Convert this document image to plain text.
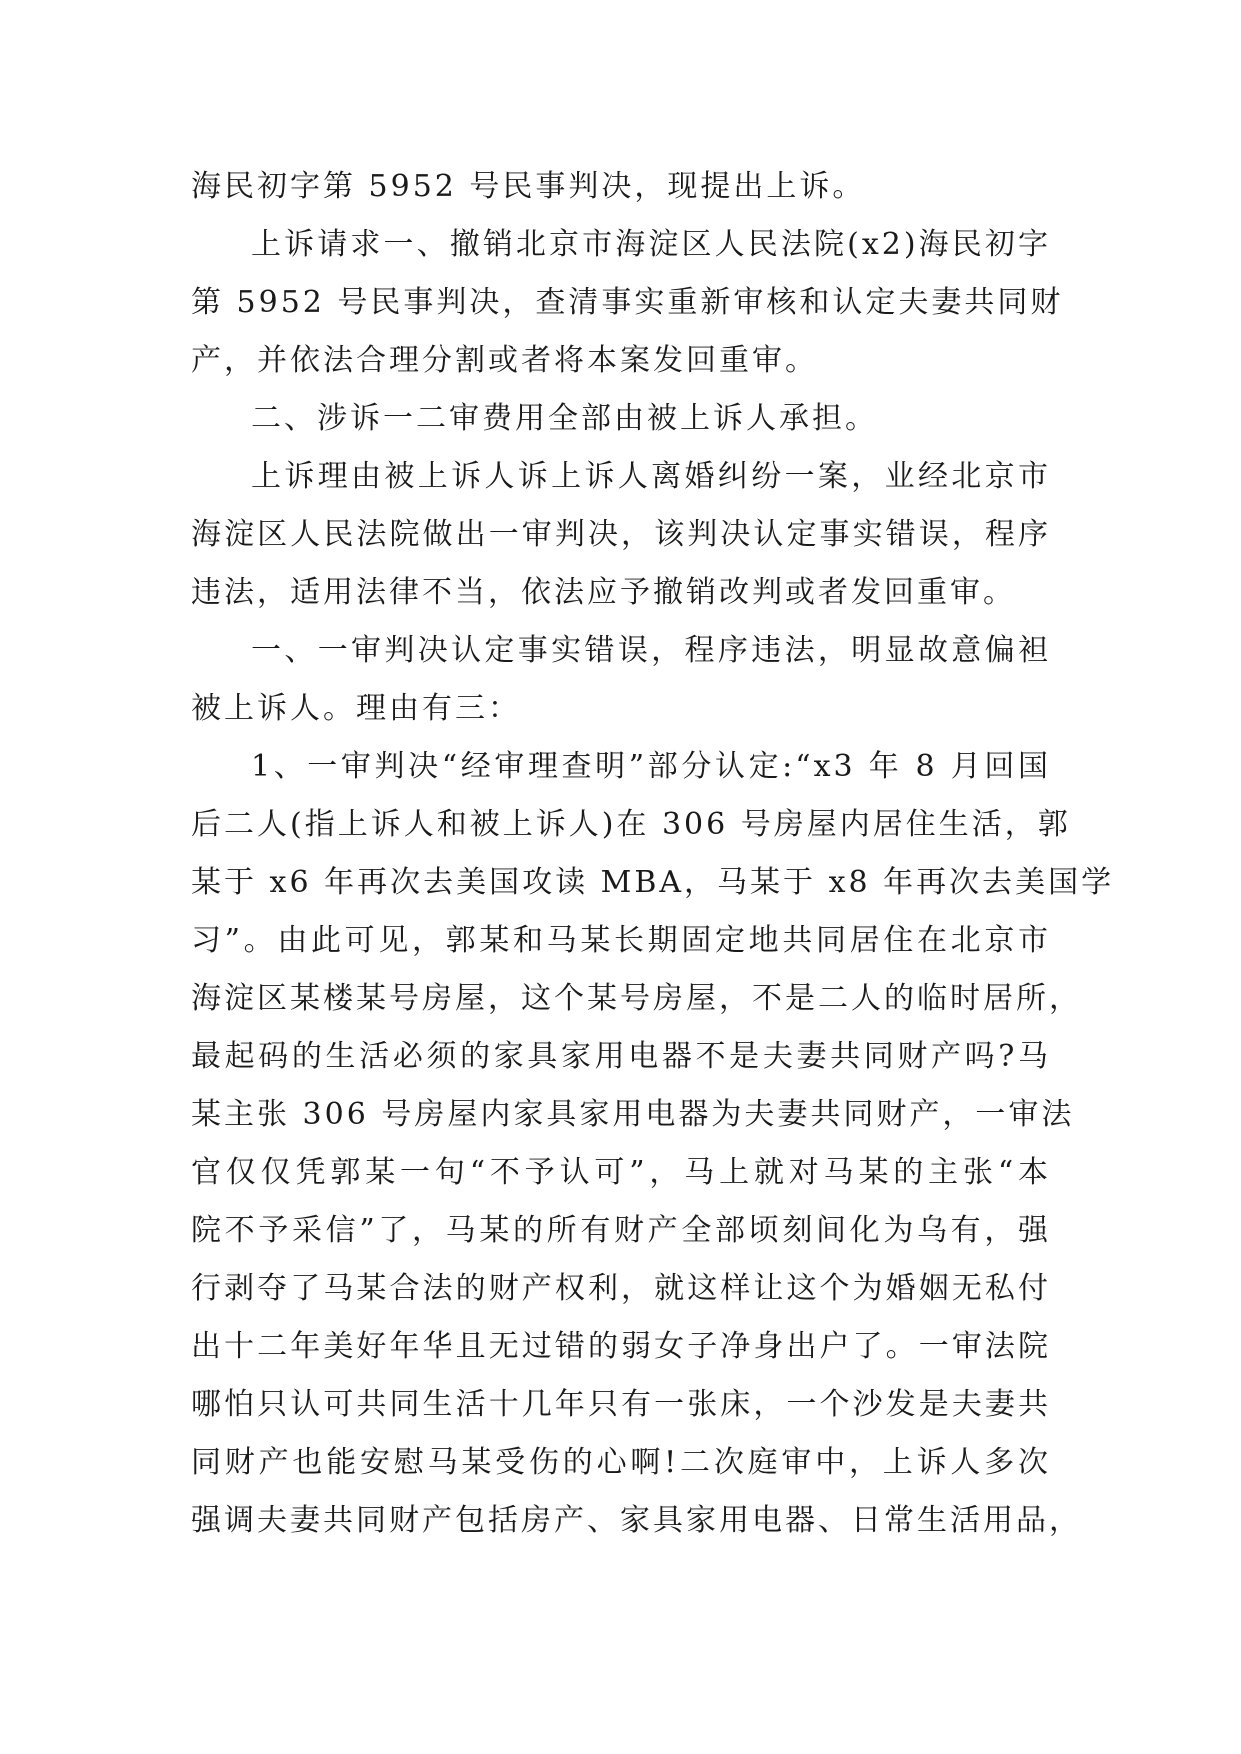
海民初字第 5952 号民事判决，现提出上诉。
上诉请求一、撤销北京市海淀区人民法院(x2)海民初字
第 5952 号民事判决，查清事实重新审核和认定夫妻共同财
产，并依法合理分割或者将本案发回重审。
二、涉诉一二审费用全部由被上诉人承担。
上诉理由被上诉人诉上诉人离婚纠纷一案，业经北京市
海淀区人民法院做出一审判决，该判决认定事实错误，程序
违法，适用法律不当，依法应予撤销改判或者发回重审。
一、一审判决认定事实错误，程序违法，明显故意偏袒
被上诉人。理由有三：
1、一审判决“经审理查明”部分认定:“x3 年 8 月回国
后二人(指上诉人和被上诉人)在 306 号房屋内居住生活，郭
某于 x6 年再次去美国攻读 MBA，马某于 x8 年再次去美国学
习”。由此可见，郭某和马某长期固定地共同居住在北京市
海淀区某楼某号房屋，这个某号房屋，不是二人的临时居所，
最起码的生活必须的家具家用电器不是夫妻共同财产吗?马
某主张 306 号房屋内家具家用电器为夫妻共同财产，一审法
官仅仅凭郭某一句“不予认可”，马上就对马某的主张“本
院不予采信”了，马某的所有财产全部顷刻间化为乌有，强
行剥夺了马某合法的财产权利，就这样让这个为婚姻无私付
出十二年美好年华且无过错的弱女子净身出户了。一审法院
哪怕只认可共同生活十几年只有一张床，一个沙发是夫妻共
同财产也能安慰马某受伤的心啊!二次庭审中，上诉人多次
强调夫妻共同财产包括房产、家具家用电器、日常生活用品，
